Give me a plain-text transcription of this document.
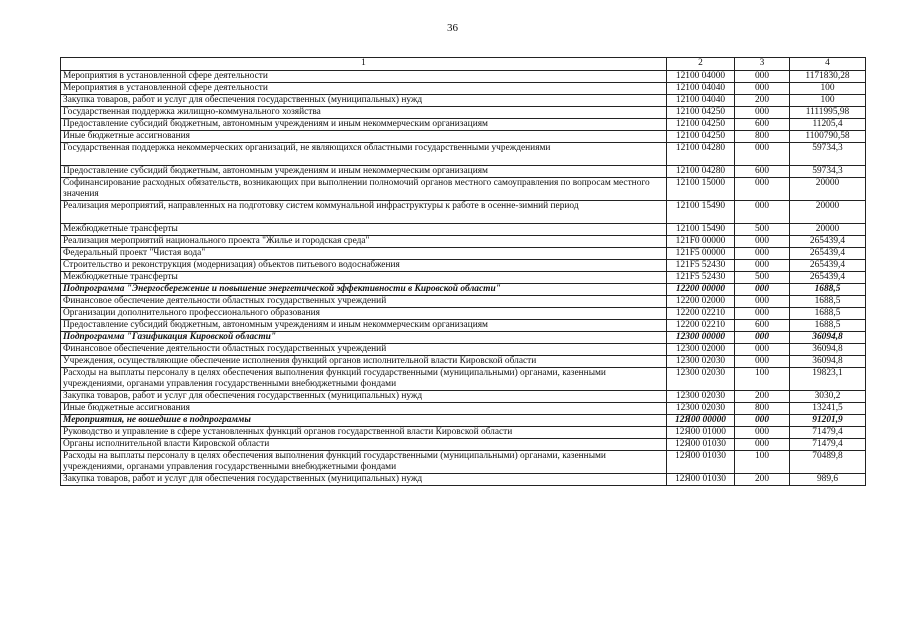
36
1	2	3	4
Мероприятия в установленной сфере деятельности	12100 04000	000	1171830,28
Мероприятия в установленной сфере деятельности	12100 04040	000	100
Закупка товаров, работ и услуг для обеспечения государственных (муниципальных) нужд	12100 04040	200	100
Государственная поддержка жилищно-коммунального хозяйства	12100 04250	000	1111995,98
Предоставление субсидий бюджетным, автономным учреждениям и иным некоммерческим организациям	12100 04250	600	11205,4
Иные бюджетные ассигнования	12100 04250	800	1100790,58
Государственная поддержка некоммерческих организаций, не являющихся областными государственными учреждениями	12100 04280	000	59734,3
Предоставление субсидий бюджетным, автономным учреждениям и иным некоммерческим организациям	12100 04280	600	59734,3
Софинансирование расходных обязательств, возникающих при выполнении полномочий органов местного самоуправления по вопросам местного значения	12100 15000	000	20000
Реализация мероприятий, направленных на подготовку систем коммунальной инфраструктуры к работе в осенне-зимний период	12100 15490	000	20000
Межбюджетные трансферты	12100 15490	500	20000
Реализация мероприятий национального проекта "Жилье и городская среда"	121F0 00000	000	265439,4
Федеральный проект "Чистая вода"	121F5 00000	000	265439,4
Строительство и реконструкция (модернизация) объектов питьевого водоснабжения	121F5 52430	000	265439,4
Межбюджетные трансферты	121F5 52430	500	265439,4
Подпрограмма "Энергосбережение и повышение энергетической эффективности в Кировской области"	12200 00000	000	1688,5
Финансовое обеспечение деятельности областных государственных учреждений	12200 02000	000	1688,5
Организации дополнительного профессионального образования	12200 02210	000	1688,5
Предоставление субсидий бюджетным, автономным учреждениям и иным некоммерческим организациям	12200 02210	600	1688,5
Подпрограмма "Газификация Кировской области"	12300 00000	000	36094,8
Финансовое обеспечение деятельности областных государственных учреждений	12300 02000	000	36094,8
Учреждения, осуществляющие обеспечение исполнения функций органов исполнительной власти Кировской области	12300 02030	000	36094,8
Расходы на выплаты персоналу в целях обеспечения выполнения функций государственными (муниципальными) органами, казенными учреждениями, органами управления государственными внебюджетными фондами	12300 02030	100	19823,1
Закупка товаров, работ и услуг для обеспечения государственных (муниципальных) нужд	12300 02030	200	3030,2
Иные бюджетные ассигнования	12300 02030	800	13241,5
Мероприятия, не вошедшие в подпрограммы	12Я00 00000	000	91201,9
Руководство и управление в сфере установленных функций органов государственной власти Кировской области	12Я00 01000	000	71479,4
Органы исполнительной власти Кировской области	12Я00 01030	000	71479,4
Расходы на выплаты персоналу в целях обеспечения выполнения функций государственными (муниципальными) органами, казенными учреждениями, органами управления государственными внебюджетными фондами	12Я00 01030	100	70489,8
Закупка товаров, работ и услуг для обеспечения государственных (муниципальных) нужд	12Я00 01030	200	989,6
